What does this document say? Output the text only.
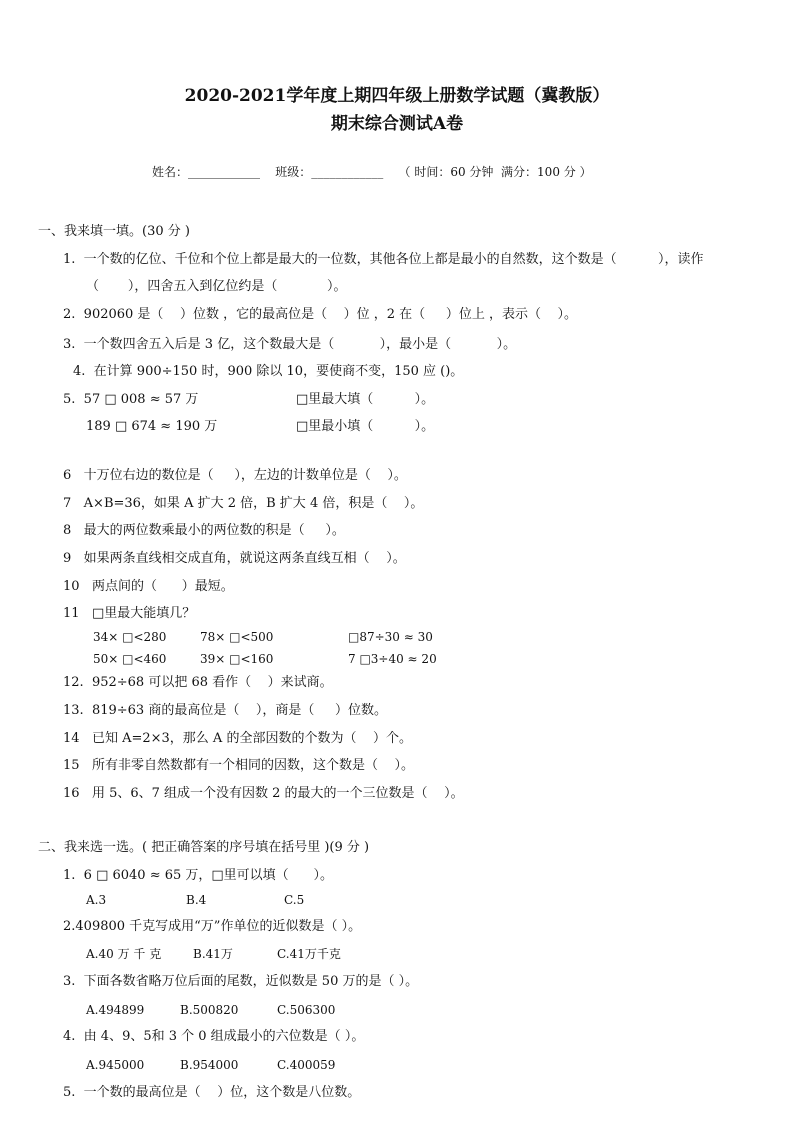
2020-2021学年度上期四年级上册数学试题（冀教版）
期末综合测试A卷
姓名：____________    班级：____________    （ 时间：60 分钟  满分：100 分 ）
一、我来填一填。(30 分 )
1.  一个数的亿位、千位和个位上都是最大的一位数，其他各位上都是最小的自然数，这个数是（          ），读作
（       ），四舍五入到亿位约是（            ）。
2.  902060 是（    ）位数 ，它的最高位是（    ）位 ，2 在（     ）位上 ，表示（    ）。
3.  一个数四舍五入后是 3 亿，这个数最大是（           ），最小是（           ）。
4.  在计算 900÷150 时，900 除以 10，要使商不变，150 应 ()。
5.  57 □ 008 ≈ 57 万	□里最大填（          ）。
189 □ 674 ≈ 190 万	□里最小填（          ）。
6   十万位右边的数位是（     ），左边的计数单位是（    ）。
7   A×B=36，如果 A 扩大 2 倍，B 扩大 4 倍，积是（    ）。
8   最大的两位数乘最小的两位数的积是（     ）。
9   如果两条直线相交成直角，就说这两条直线互相（    ）。
10   两点间的（      ）最短。
11   □里最大能填几？
34× □<280	78× □<500	□87÷30 ≈ 30
50× □<460	39× □<160	7 □3÷40 ≈ 20
12.  952÷68 可以把 68 看作（    ）来试商。
13.  819÷63 商的最高位是（    ），商是（     ）位数。
14   已知 A=2×3，那么 A 的全部因数的个数为（    ）个。
15   所有非零自然数都有一个相同的因数，这个数是（    ）。
16   用 5、6、7 组成一个没有因数 2 的最大的一个三位数是（    ）。
二、我来选一选。( 把正确答案的序号填在括号里 )(9 分 )
1.  6 □ 6040 ≈ 65 万，□里可以填（      ）。
A.3	B.4	C.5
2.409800 千克写成用“万”作单位的近似数是（ ）。
A.40 万 千 克	B.41万	C.41万千克
3.  下面各数省略万位后面的尾数，近似数是 50 万的是（ ）。
A.494899	B.500820	C.506300
4.  由 4、9、5和 3 个 0 组成最小的六位数是（ ）。
A.945000	B.954000	C.400059
5.  一个数的最高位是（    ）位，这个数是八位数。
